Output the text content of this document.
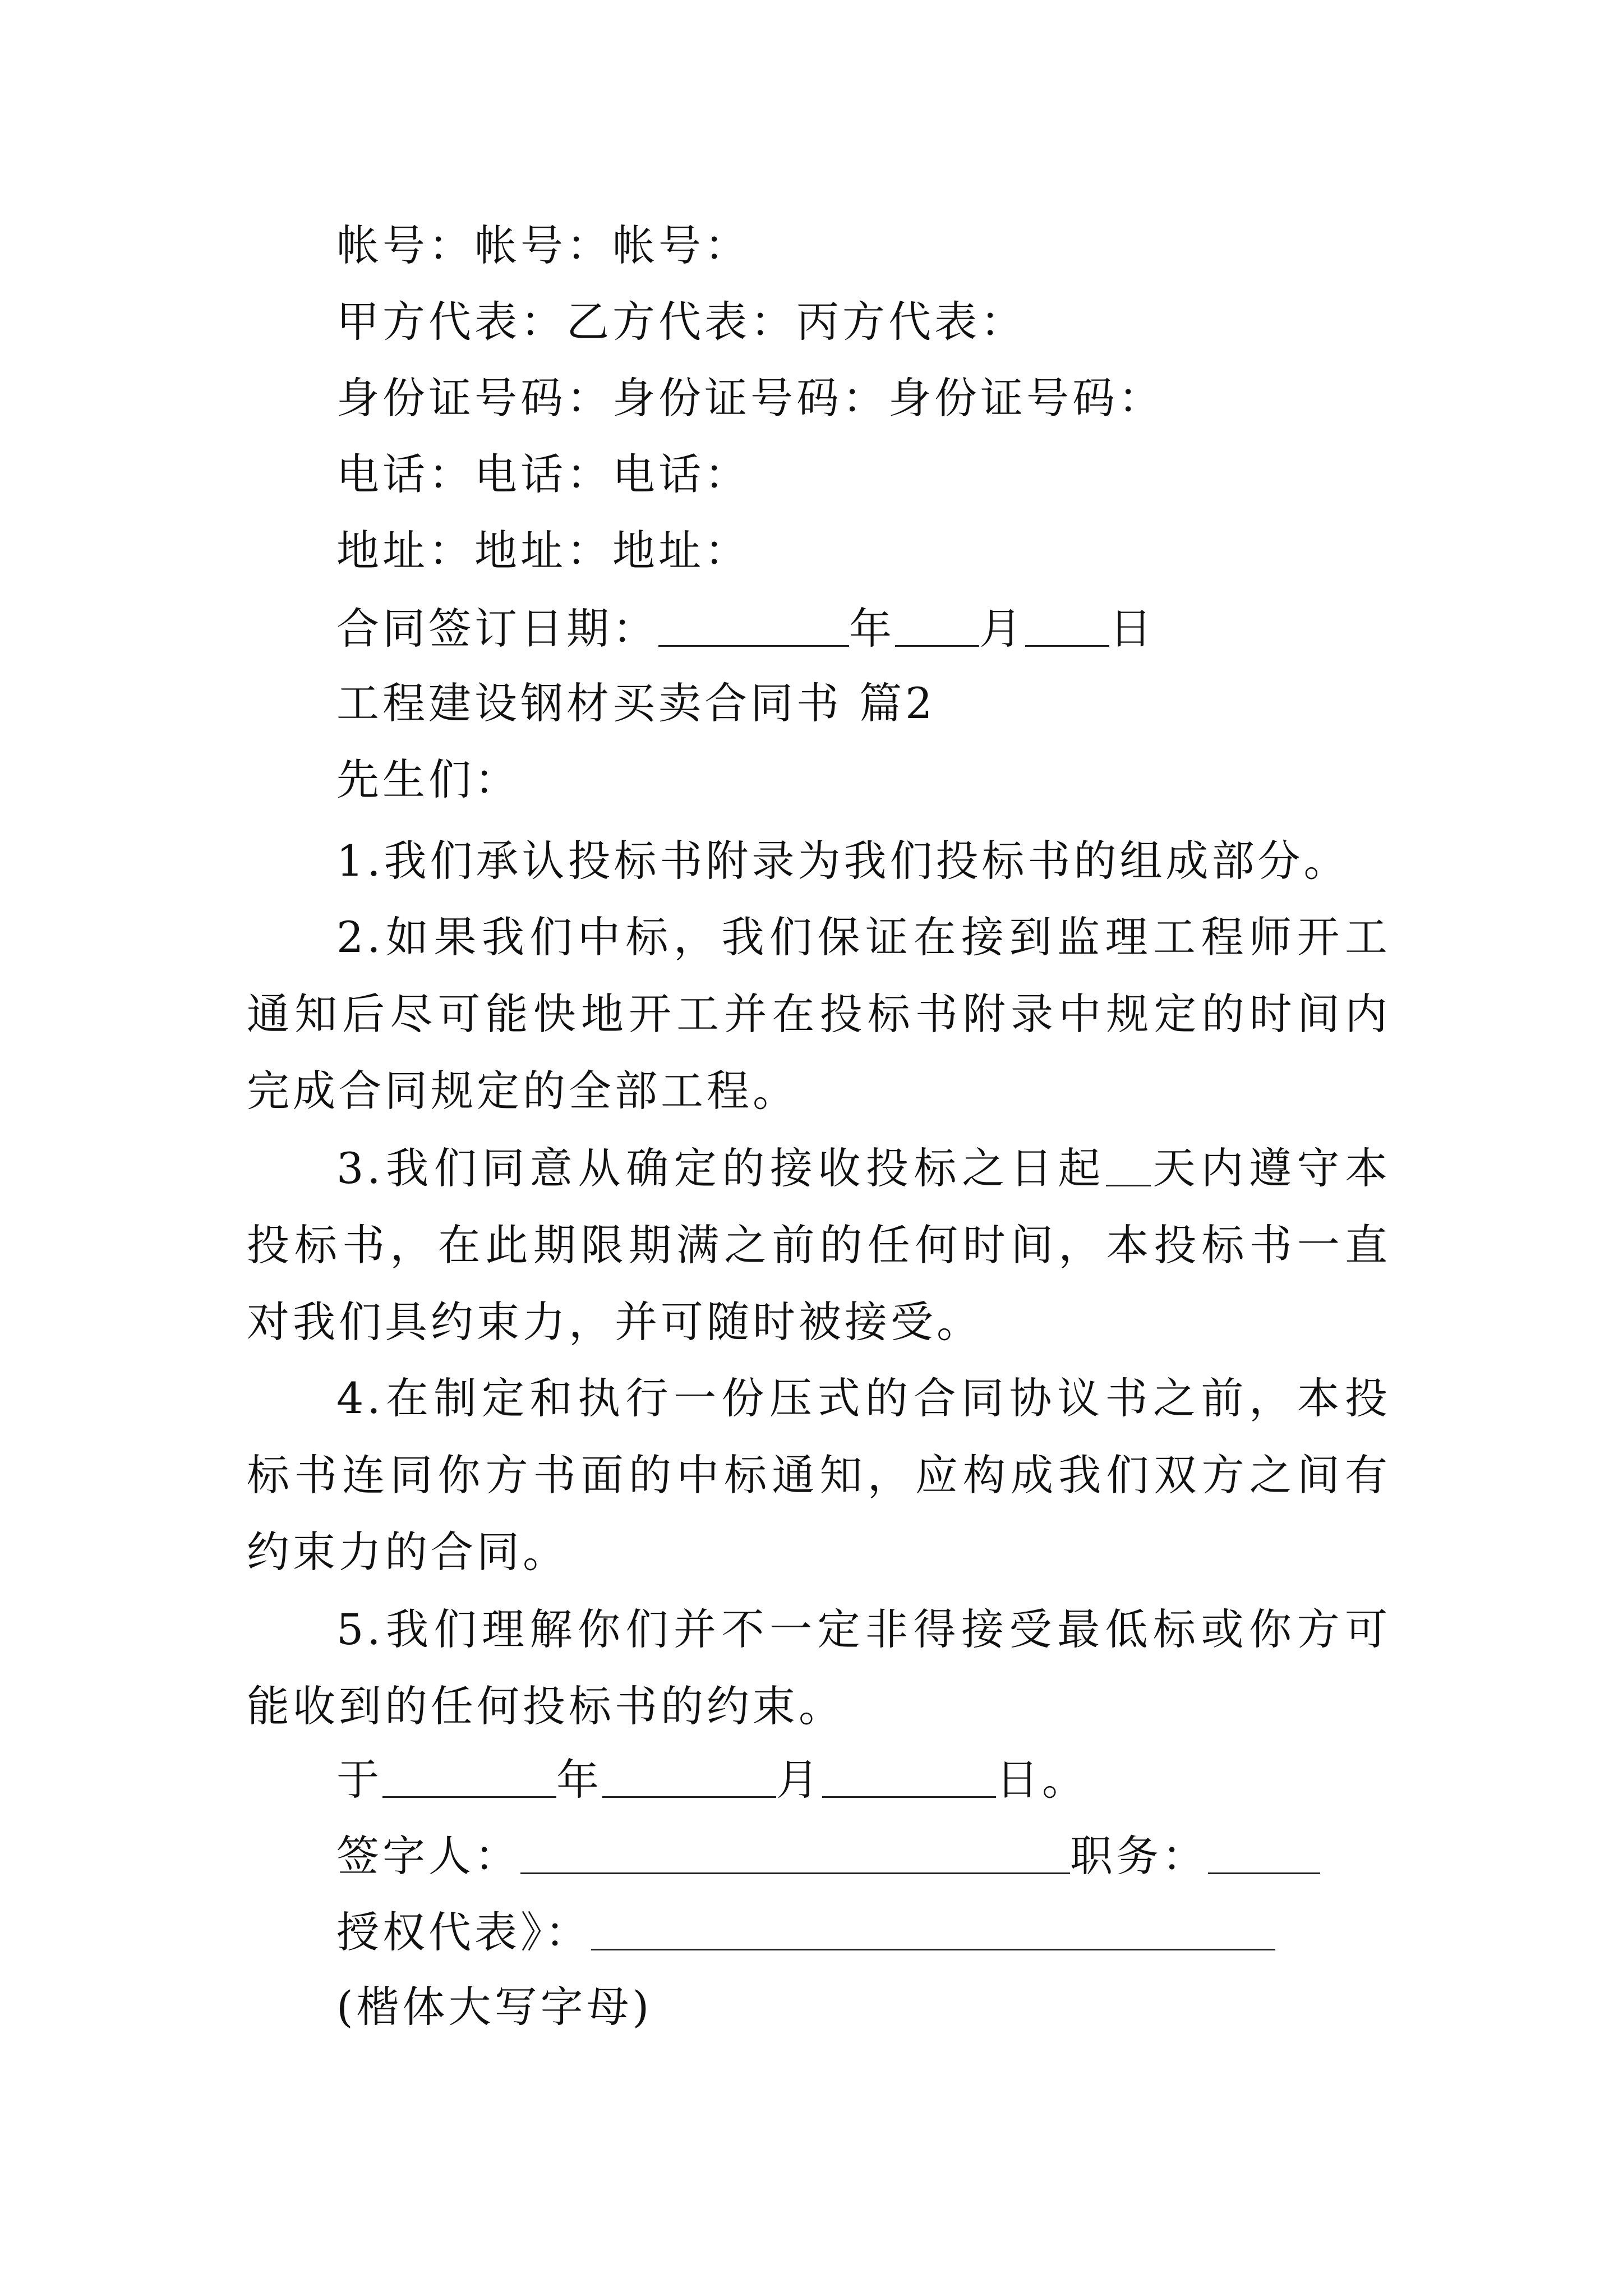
帐号：帐号：帐号：
甲方代表：乙方代表：丙方代表：
身份证号码：身份证号码：身份证号码：
电话：电话：电话：
地址：地址：地址：
合同签订日期：	年 月 日
工程建设钢材买卖合同书 篇2
先生们：
1.我们承认投标书附录为我们投标书的组成部分。
2.如果我们中标，我们保证在接到监理工程师开工通知后尽可能快地开工并在投标书附录中规定的时间内完成合同规定的全部工程。
3.我们同意从确定的接收投标之日起 天内遵守本投标书，在此期限期满之前的任何时间，本投标书一直对我们具约束力，并可随时被接受。
4.在制定和执行一份压式的合同协议书之前，本投标书连同你方书面的中标通知，应构成我们双方之间有约束力的合同。
5.我们理解你们并不一定非得接受最低标或你方可能收到的任何投标书的约束。
于	年	月	日。
签字人：	职务：
授权代表》：
(楷体大写字母)
